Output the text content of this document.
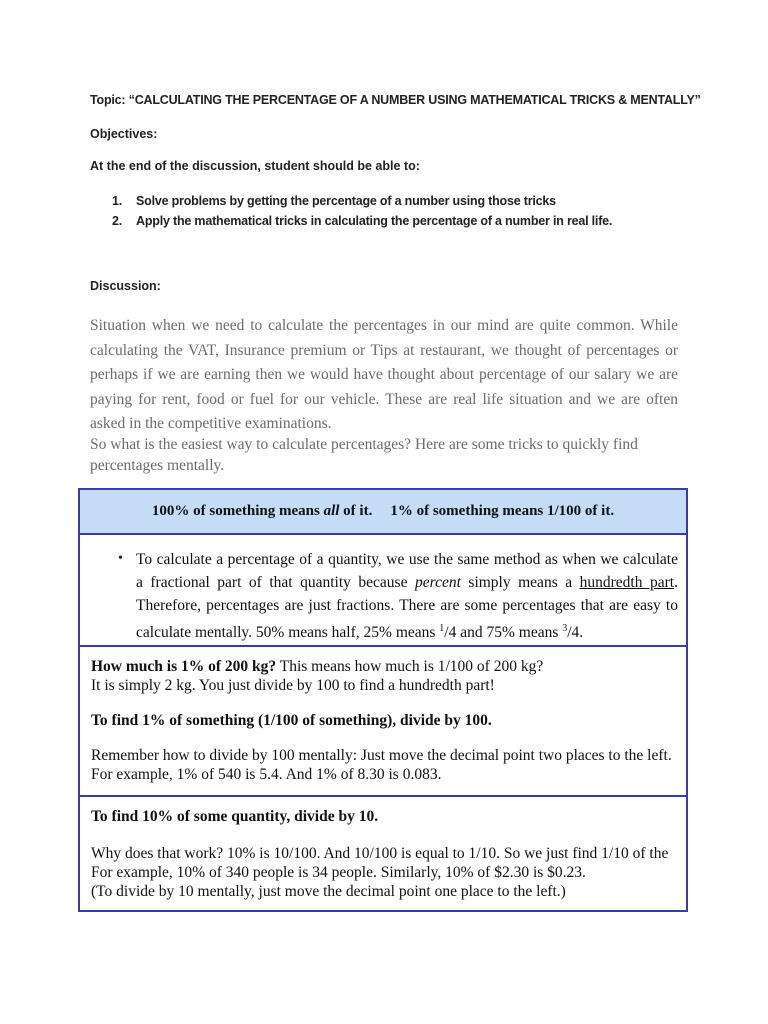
Topic: “CALCULATING THE PERCENTAGE OF A NUMBER USING MATHEMATICAL TRICKS & MENTALLY”
Objectives:
At the end of the discussion, student should be able to:
1. Solve problems by getting the percentage of a number using those tricks
2. Apply the mathematical tricks in calculating the percentage of a number in real life.
Discussion:

Situation when we need to calculate the percentages in our mind are quite common. While calculating the VAT, Insurance premium or Tips at restaurant, we thought of percentages or perhaps if we are earning then we would have thought about percentage of our salary we are paying for rent, food or fuel for our vehicle. These are real life situation and we are often asked in the competitive examinations.

So what is the easiest way to calculate percentages? Here are some tricks to quickly find percentages mentally.

100% of something means all of it. 1% of something means 1/100 of it.
• To calculate a percentage of a quantity, we use the same method as when we calculate a fractional part of that quantity because percent simply means a hundredth part. Therefore, percentages are just fractions. There are some percentages that are easy to calculate mentally. 50% means half, 25% means $^1$/4 and 75% means $^3$/4.

How much is 1% of 200 kg? This means how much is 1/100 of 200 kg?
It is simply 2 kg. You just divide by 100 to find a hundredth part!

To find 1% of something (1/100 of something), divide by 100.

Remember how to divide by 100 mentally: Just move the decimal point two places to the left.
For example, 1% of 540 is 5.4. And 1% of 8.30 is 0.083.

To find 10% of some quantity, divide by 10.

Why does that work? 10% is 10/100. And 10/100 is equal to 1/10. So we just find 1/10 of the For example, 10% of 340 people is 34 people. Similarly, 10% of $2.30 is $0.23.
(To divide by 10 mentally, just move the decimal point one place to the left.)
